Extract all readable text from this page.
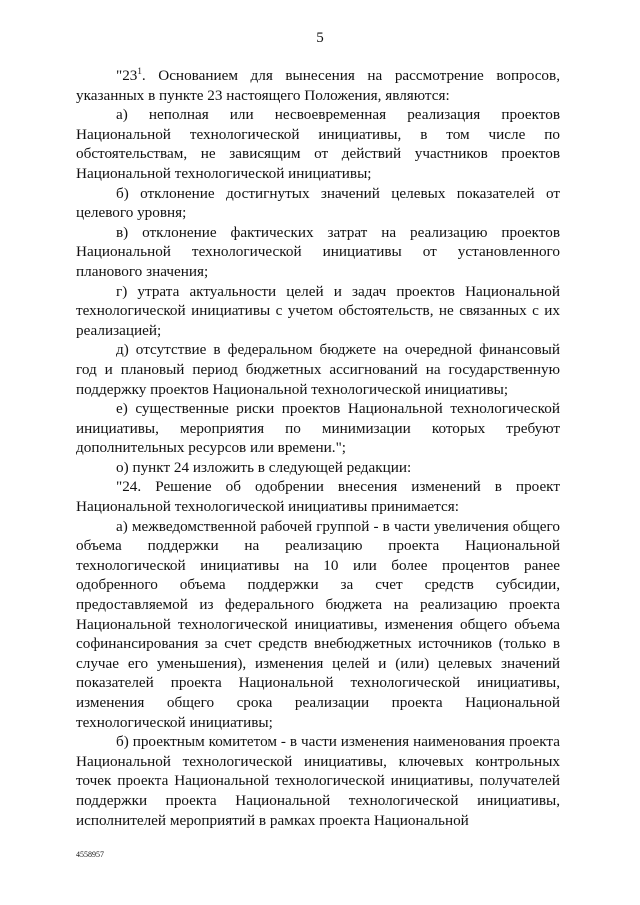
5

"$23^1$. Основанием для вынесения на рассмотрение вопросов, указанных в пункте 23 настоящего Положения, являются:

а) неполная или несвоевременная реализация проектов Национальной технологической инициативы, в том числе по обстоятельствам, не зависящим от действий участников проектов Национальной технологической инициативы;

б) отклонение достигнутых значений целевых показателей от целевого уровня;

в) отклонение фактических затрат на реализацию проектов Национальной технологической инициативы от установленного планового значения;

г) утрата актуальности целей и задач проектов Национальной технологической инициативы с учетом обстоятельств, не связанных с их реализацией;

д) отсутствие в федеральном бюджете на очередной финансовый год и плановый период бюджетных ассигнований на государственную поддержку проектов Национальной технологической инициативы;

е) существенные риски проектов Национальной технологической инициативы, мероприятия по минимизации которых требуют дополнительных ресурсов или времени.";

о) пункт 24 изложить в следующей редакции:

"24. Решение об одобрении внесения изменений в проект Национальной технологической инициативы принимается:

а) межведомственной рабочей группой - в части увеличения общего объема поддержки на реализацию проекта Национальной технологической инициативы на 10 или более процентов ранее одобренного объема поддержки за счет средств субсидии, предоставляемой из федерального бюджета на реализацию проекта Национальной технологической инициативы, изменения общего объема софинансирования за счет средств внебюджетных источников (только в случае его уменьшения), изменения целей и (или) целевых значений показателей проекта Национальной технологической инициативы, изменения общего срока реализации проекта Национальной технологической инициативы;

б) проектным комитетом - в части изменения наименования проекта Национальной технологической инициативы, ключевых контрольных точек проекта Национальной технологической инициативы, получателей поддержки проекта Национальной технологической инициативы, исполнителей мероприятий в рамках проекта Национальной

4558957
